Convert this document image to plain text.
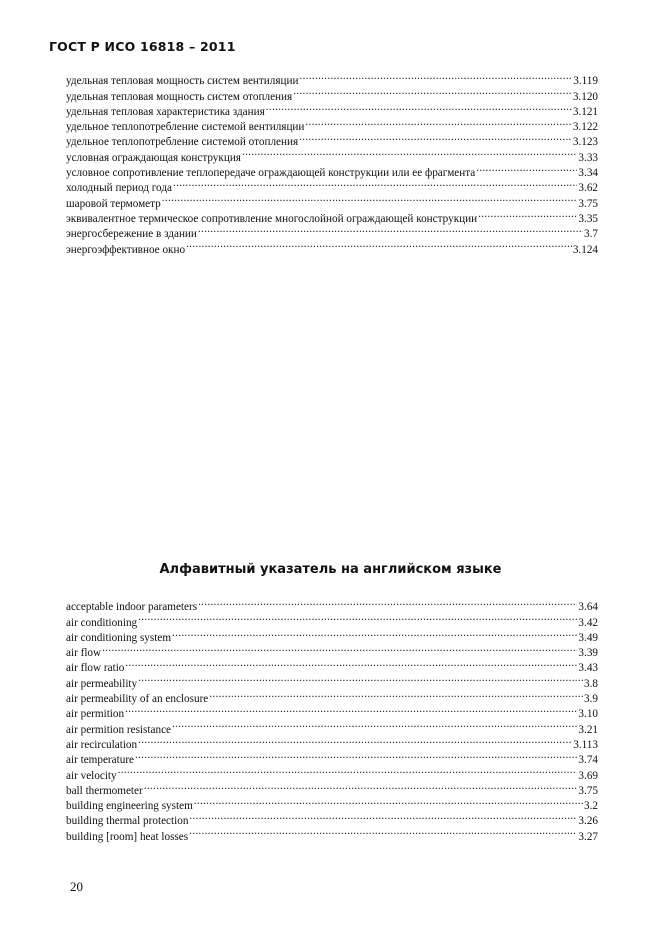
ГОСТ Р ИСО 16818 – 2011
удельная тепловая мощность систем вентиляции .....	3.119
удельная тепловая мощность систем отопления .....	3.120
удельная тепловая характеристика здания .....	3.121
удельное теплопотребление системой вентиляции .....	3.122
удельное теплопотребление системой отопления .....	3.123
условная ограждающая конструкция .....	3.33
условное сопротивление теплопередаче ограждающей конструкции или ее фрагмента .....	3.34
холодный период года .....	3.62
шаровой термометр .....	3.75
эквивалентное термическое сопротивление многослойной ограждающей конструкции .....	3.35
энергосбережение в здании .....	3.7
энергоэффективное окно .....	3.124
Алфавитный указатель на английском языке
acceptable indoor parameters .....	3.64
air conditioning .....	3.42
air conditioning system .....	3.49
air flow .....	3.39
air flow ratio .....	3.43
air permeability .....	3.8
air permeability of an enclosure .....	3.9
air permition .....	3.10
air permition resistance .....	3.21
air recirculation .....	3.113
air temperature .....	3.74
air velocity .....	3.69
ball thermometer .....	3.75
building engineering system .....	3.2
building thermal protection .....	3.26
building [room] heat losses .....	3.27
20
